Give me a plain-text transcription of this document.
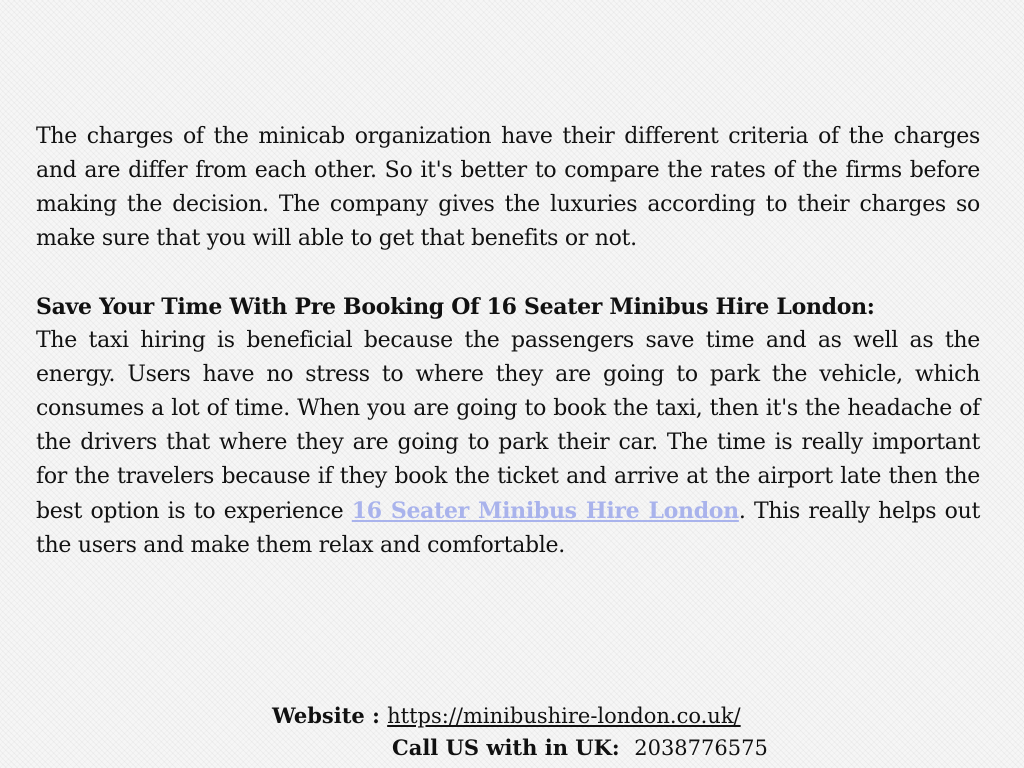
The charges of the minicab organization have their different criteria of the charges and are differ from each other. So it's better to compare the rates of the firms before making the decision. The company gives the luxuries according to their charges so make sure that you will able to get that benefits or not.

Save Your Time With Pre Booking Of 16 Seater Minibus Hire London:

The taxi hiring is beneficial because the passengers save time and as well as the energy. Users have no stress to where they are going to park the vehicle, which consumes a lot of time. When you are going to book the taxi, then it's the headache of the drivers that where they are going to park their car. The time is really important for the travelers because if they book the ticket and arrive at the airport late then the best option is to experience 16 Seater Minibus Hire London. This really helps out the users and make them relax and comfortable.

Website : https://minibushire-london.co.uk/
Call US with in UK:  2038776575
